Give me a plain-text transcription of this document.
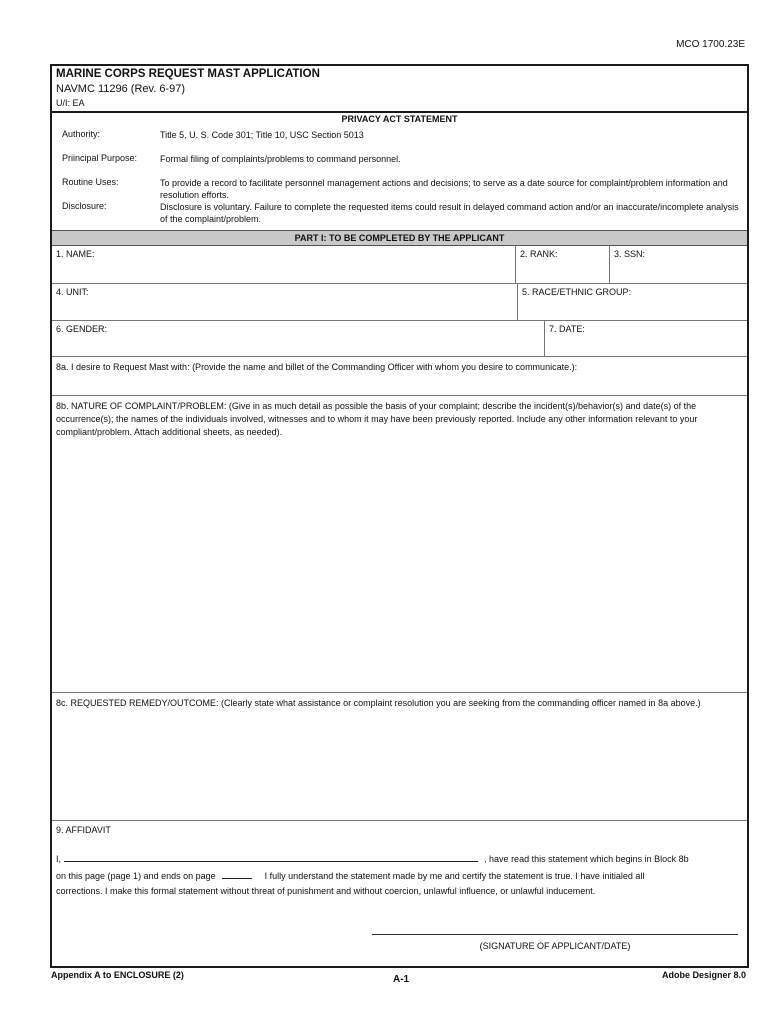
MCO 1700.23E
MARINE CORPS REQUEST MAST APPLICATION
NAVMC 11296 (Rev. 6-97)
U/I: EA
PRIVACY ACT STATEMENT
Authority:	Title 5, U. S. Code 301; Title 10, USC Section 5013
Priincipal Purpose:	Formal filing of complaints/problems to command personnel.
Routine Uses:	To provide a record to facilitate personnel management actions and decisions; to serve as a date source for complaint/problem information and resolution efforts.
Disclosure:	Disclosure is voluntary. Failure to complete the requested items could result in delayed command action and/or an inaccurate/incomplete analysis of the complaint/problem.
PART I: TO BE COMPLETED BY THE APPLICANT
1. NAME:	2. RANK:	3. SSN:
4. UNIT:	5. RACE/ETHNIC GROUP:
6. GENDER:	7. DATE:
8a. I desire to Request Mast with: (Provide the name and billet of the Commanding Officer with whom you desire to communicate.):
8b. NATURE OF COMPLAINT/PROBLEM: (Give in as much detail as possible the basis of your complaint; describe the incident(s)/behavior(s) and date(s) of the occurrence(s); the names of the individuals involved, witnesses and to whom it may have been previously reported. Include any other information relevant to your compliant/problem. Attach additional sheets, as needed).
8c. REQUESTED REMEDY/OUTCOME: (Clearly state what assistance or complaint resolution you are seeking from the commanding officer named in 8a above.)
9. AFFIDAVIT
I,	, have read this statement which begins in Block 8b
on this page (page 1) and ends on page	I fully understand the statement made by me and certify the statement is true. I have initialed all
corrections. I make this formal statement without threat of punishment and without coercion, unlawful influence, or unlawful inducement.
(SIGNATURE OF APPLICANT/DATE)
Appendix A to ENCLOSURE (2)	A-1	Adobe Designer 8.0
